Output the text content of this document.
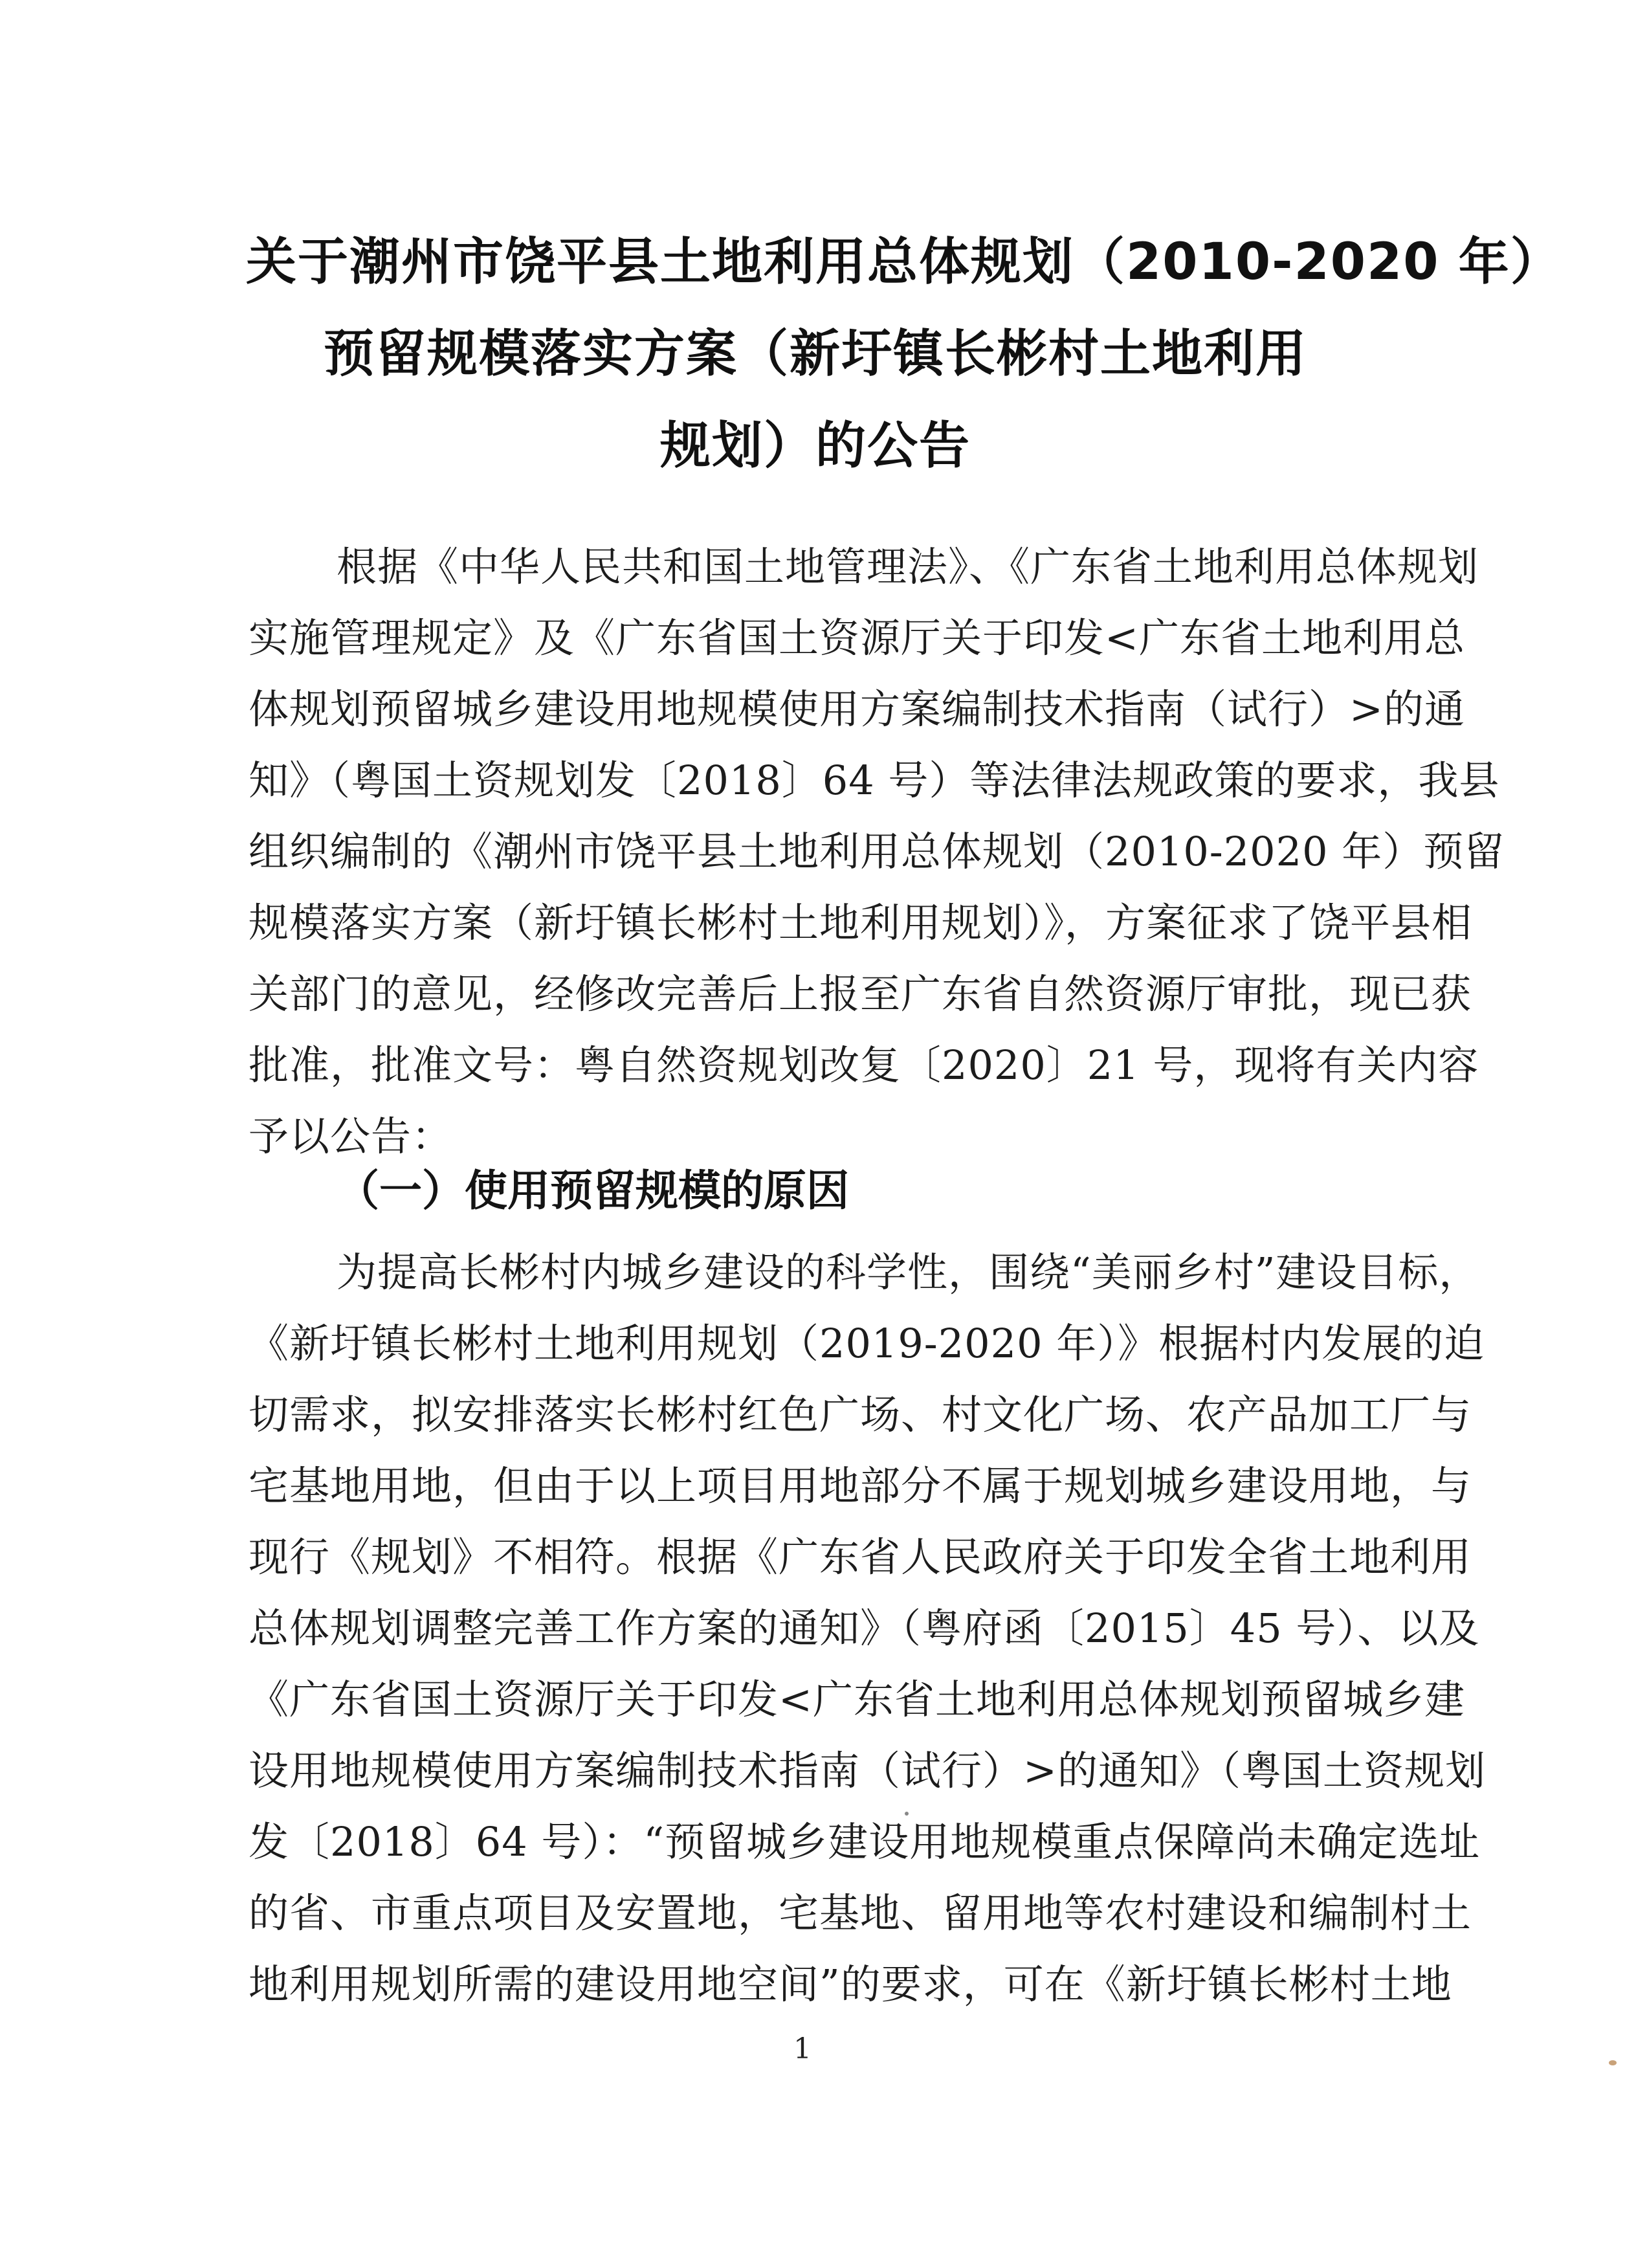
关于潮州市饶平县土地利用总体规划（2010-2020 年）
预留规模落实方案（新圩镇长彬村土地利用
规划）的公告
根据《中华人民共和国土地管理法》、《广东省土地利用总体规划
实施管理规定》及《广东省国土资源厅关于印发<广东省土地利用总
体规划预留城乡建设用地规模使用方案编制技术指南（试行）>的通
知》（粤国土资规划发〔2018〕64 号）等法律法规政策的要求，我县
组织编制的《潮州市饶平县土地利用总体规划（2010-2020 年）预留
规模落实方案（新圩镇长彬村土地利用规划）》，方案征求了饶平县相
关部门的意见，经修改完善后上报至广东省自然资源厅审批，现已获
批准，批准文号：粤自然资规划改复〔2020〕21 号，现将有关内容
予以公告：
（一）使用预留规模的原因
为提高长彬村内城乡建设的科学性，围绕“美丽乡村”建设目标，
《新圩镇长彬村土地利用规划（2019-2020 年）》根据村内发展的迫
切需求，拟安排落实长彬村红色广场、村文化广场、农产品加工厂与
宅基地用地，但由于以上项目用地部分不属于规划城乡建设用地，与
现行《规划》不相符。根据《广东省人民政府关于印发全省土地利用
总体规划调整完善工作方案的通知》（粤府函〔2015〕45 号）、以及
《广东省国土资源厅关于印发<广东省土地利用总体规划预留城乡建
设用地规模使用方案编制技术指南（试行）>的通知》（粤国土资规划
发〔2018〕64 号）：“预留城乡建设用地规模重点保障尚未确定选址
的省、市重点项目及安置地，宅基地、留用地等农村建设和编制村土
地利用规划所需的建设用地空间”的要求，可在《新圩镇长彬村土地
1
